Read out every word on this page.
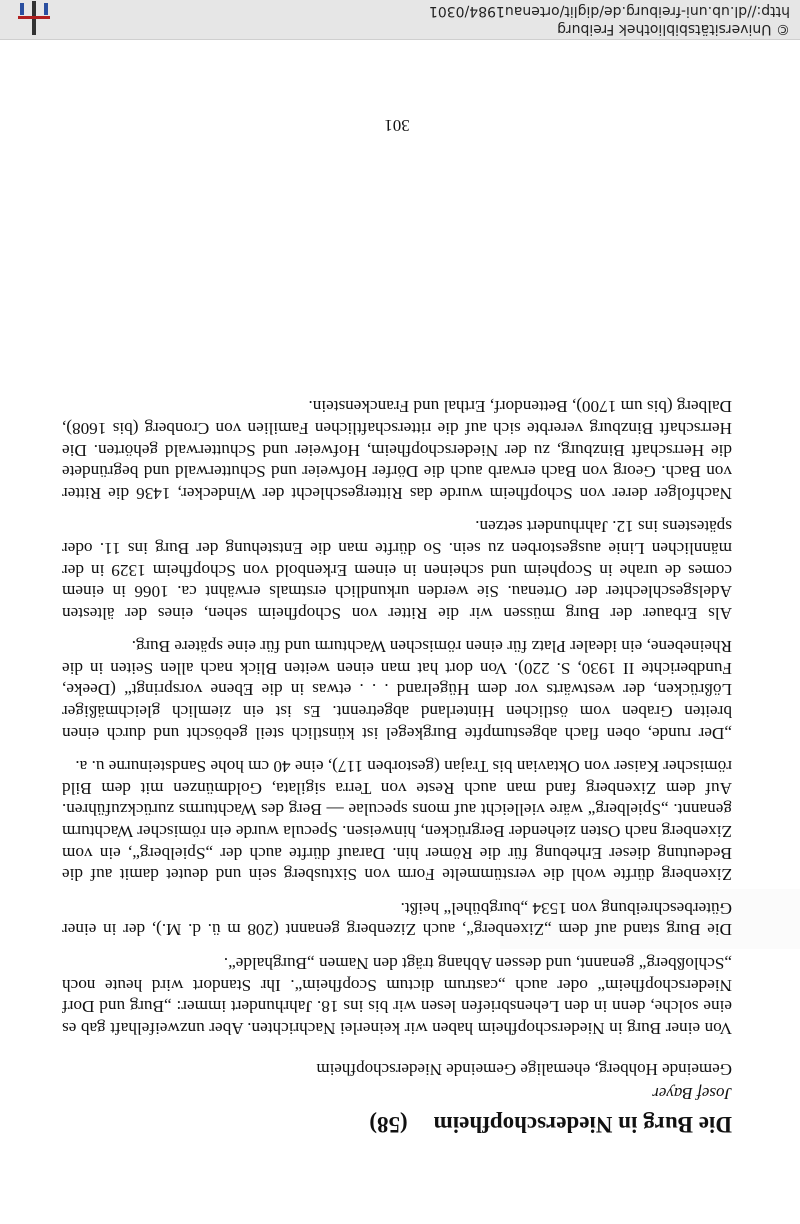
Die Burg in Niederschopfheim(58)
Josef Bayer
Gemeinde Hohberg, ehemalige Gemeinde Niederschopfheim

Von einer Burg in Niederschopfheim haben wir keinerlei Nachrichten. Aber unzweifelhaft gab es eine solche, denn in den Lehensbriefen lesen wir bis ins 18. Jahrhundert immer: „Burg und Dorf Niederschopfheim“ oder auch „castrum dictum Scopfheim“. Ihr Standort wird heute noch „Schloßberg“ genannt, und dessen Abhang trägt den Namen „Burghalde“.

Die Burg stand auf dem „Zixenberg“, auch Zizenberg genannt (208 m ü. d. M.), der in einer Güterbeschreibung von 1534 „burgbühel“ heißt.

Zixenberg dürfte wohl die verstümmelte Form von Sixtusberg sein und deutet damit auf die Bedeutung dieser Erhebung für die Römer hin. Darauf dürfte auch der „Spielberg“, ein vom Zixenberg nach Osten ziehender Bergrücken, hinweisen. Specula wurde ein römischer Wachturm genannt. „Spielberg“ wäre vielleicht auf mons speculae — Berg des Wachturms zurückzuführen. Auf dem Zixenberg fand man auch Reste von Terra sigilata, Goldmünzen mit dem Bild römischer Kaiser von Oktavian bis Trajan (gestorben 117), eine 40 cm hohe Sandsteinurne u. a.

„Der runde, oben flach abgestumpfte Burgkegel ist künstlich steil geböscht und durch einen breiten Graben vom östlichen Hinterland abgetrennt. Es ist ein ziemlich gleichmäßiger Lößrücken, der westwärts vor dem Hügelrand . . . etwas in die Ebene vorspringt“ (Deeke, Fundberichte II 1930, S. 220). Von dort hat man einen weiten Blick nach allen Seiten in die Rheinebene, ein idealer Platz für einen römischen Wachturm und für eine spätere Burg.

Als Erbauer der Burg müssen wir die Ritter von Schopfheim sehen, eines der ältesten Adelsgeschlechter der Ortenau. Sie werden urkundlich erstmals erwähnt ca. 1066 in einem comes de urahe in Scopheim und scheinen in einem Erkenbold von Schopfheim 1329 in der männlichen Linie ausgestorben zu sein. So dürfte man die Entstehung der Burg ins 11. oder spätestens ins 12. Jahrhundert setzen.

Nachfolger derer von Schopfheim wurde das Rittergeschlecht der Windecker, 1436 die Ritter von Bach. Georg von Bach erwarb auch die Dörfer Hofweier und Schutterwald und begründete die Herrschaft Binzburg, zu der Niederschopfheim, Hofweier und Schutterwald gehörten. Die Herrschaft Binzburg vererbte sich auf die ritterschaftlichen Familien von Cronberg (bis 1608), Dalberg (bis um 1700), Bettendorf, Erthal und Franckenstein.

301
© Universitätsbibliothek Freiburg
http://dl.ub.uni-freiburg.de/diglit/ortenau1984/0301
